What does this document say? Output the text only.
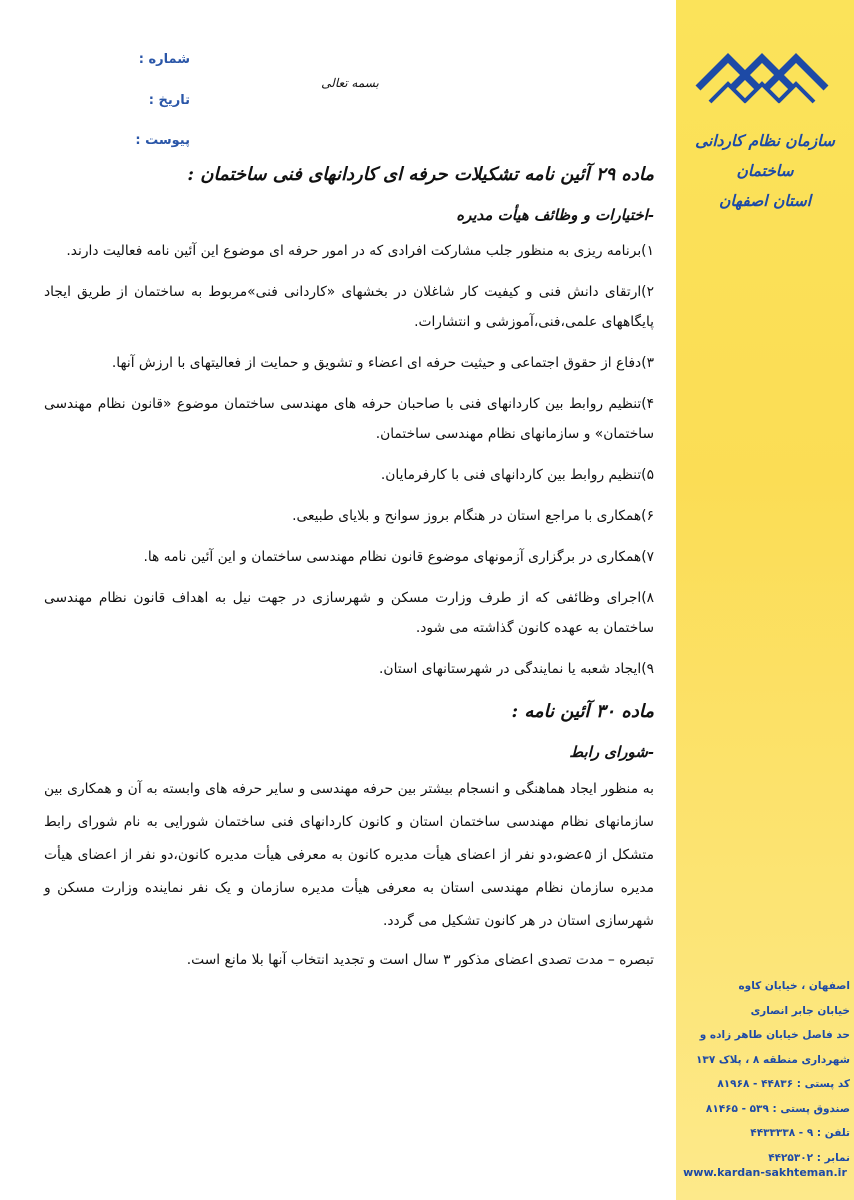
سازمان نظام کاردانی ساختمان
استان اصفهان
شماره :
تاریخ :
پیوست :
بسمه تعالی
ماده ۲۹ آئین نامه تشکیلات حرفه ای کاردانهای فنی ساختمان :
-اختیارات و وظائف هیأت مدیره

۱)برنامه ریزی به منظور جلب مشارکت افرادی که در امور حرفه ای موضوع این آئین نامه فعالیت دارند.

۲)ارتقای دانش فنی و کیفیت کار شاغلان در بخشهای «کاردانی فنی»مربوط به ساختمان از طریق ایجاد پایگاههای علمی،فنی،آموزشی و انتشارات.

۳)دفاع از حقوق اجتماعی و حیثیت حرفه ای اعضاء و تشویق و حمایت از فعالیتهای با ارزش آنها.

۴)تنظیم روابط بین کاردانهای فنی با صاحبان حرفه های مهندسی ساختمان موضوع «قانون نظام مهندسی ساختمان» و سازمانهای نظام مهندسی ساختمان.

۵)تنظیم روابط بین کاردانهای فنی با کارفرمایان.

۶)همکاری با مراجع استان در هنگام بروز سوانح و بلایای طبیعی.

۷)همکاری در برگزاری آزمونهای موضوع قانون نظام مهندسی ساختمان و این آئین نامه ها.

۸)اجرای وظائفی که از طرف وزارت مسکن و شهرسازی در جهت نیل به اهداف قانون نظام مهندسی ساختمان به عهده کانون گذاشته می شود.

۹)ایجاد شعبه یا نمایندگی در شهرستانهای استان.

ماده ۳۰ آئین نامه :
-شورای رابط

به منظور ایجاد هماهنگی و انسجام بیشتر بین حرفه مهندسی و سایر حرفه های وابسته به آن و همکاری بین سازمانهای نظام مهندسی ساختمان استان و کانون کاردانهای فنی ساختمان شورایی به نام شورای رابط متشکل از ۵عضو،دو نفر از اعضای هیأت مدیره کانون به معرفی هیأت مدیره کانون،دو نفر از اعضای هیأت مدیره سازمان نظام مهندسی استان به معرفی هیأت مدیره سازمان و یک نفر نماینده وزارت مسکن و شهرسازی استان در هر کانون تشکیل می گردد.

تبصره – مدت تصدی اعضای مذکور ۳ سال است و تجدید انتخاب آنها بلا مانع است.

اصفهان ، خیابان کاوه
خیابان جابر انصاری
حد فاصل خیابان طاهر زاده و
شهرداری منطقه ۸ ، پلاک ۱۳۷
کد پستی : ۴۴۸۳۶ - ۸۱۹۶۸
صندوق پستی : ۵۳۹ - ۸۱۴۶۵
تلفن : ۹ - ۴۴۳۳۳۳۸
نمابر : ۴۴۲۵۳۰۲
www.kardan-sakhteman.ir
